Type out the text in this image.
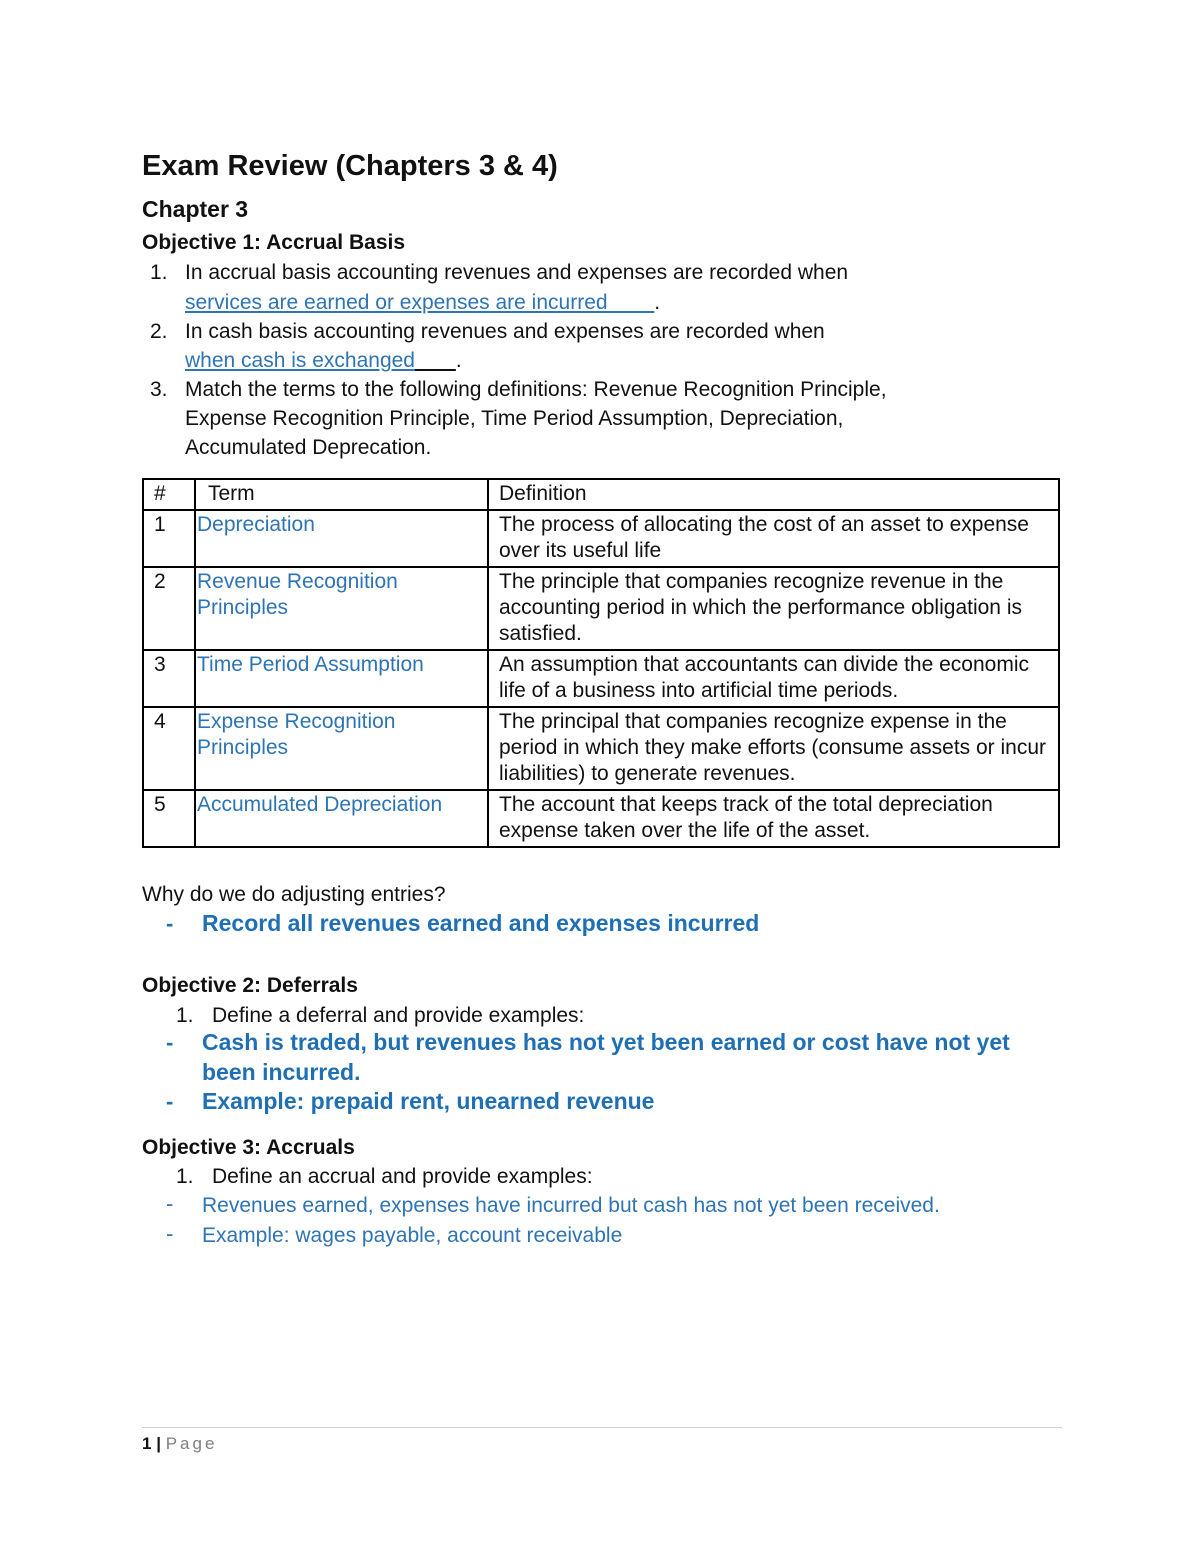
Exam Review (Chapters 3 & 4)
Chapter 3
Objective 1: Accrual Basis
1. In accrual basis accounting revenues and expenses are recorded when
services are earned or expenses are incurred .
2. In cash basis accounting revenues and expenses are recorded when
when cash is exchanged .
3. Match the terms to the following definitions: Revenue Recognition Principle,
Expense Recognition Principle, Time Period Assumption, Depreciation,
Accumulated Deprecation.
#	Term	Definition
1	Depreciation	The process of allocating the cost of an asset to expense over its useful life
2	Revenue Recognition Principles	The principle that companies recognize revenue in the accounting period in which the performance obligation is satisfied.
3	Time Period Assumption	An assumption that accountants can divide the economic life of a business into artificial time periods.
4	Expense Recognition Principles	The principal that companies recognize expense in the period in which they make efforts (consume assets or incur liabilities) to generate revenues.
5	Accumulated Depreciation	The account that keeps track of the total depreciation expense taken over the life of the asset.
Why do we do adjusting entries?
- Record all revenues earned and expenses incurred
Objective 2: Deferrals
1. Define a deferral and provide examples:
- Cash is traded, but revenues has not yet been earned or cost have not yet
been incurred.
- Example: prepaid rent, unearned revenue
Objective 3: Accruals
1. Define an accrual and provide examples:
- Revenues earned, expenses have incurred but cash has not yet been received.
- Example: wages payable, account receivable
1 | Page
